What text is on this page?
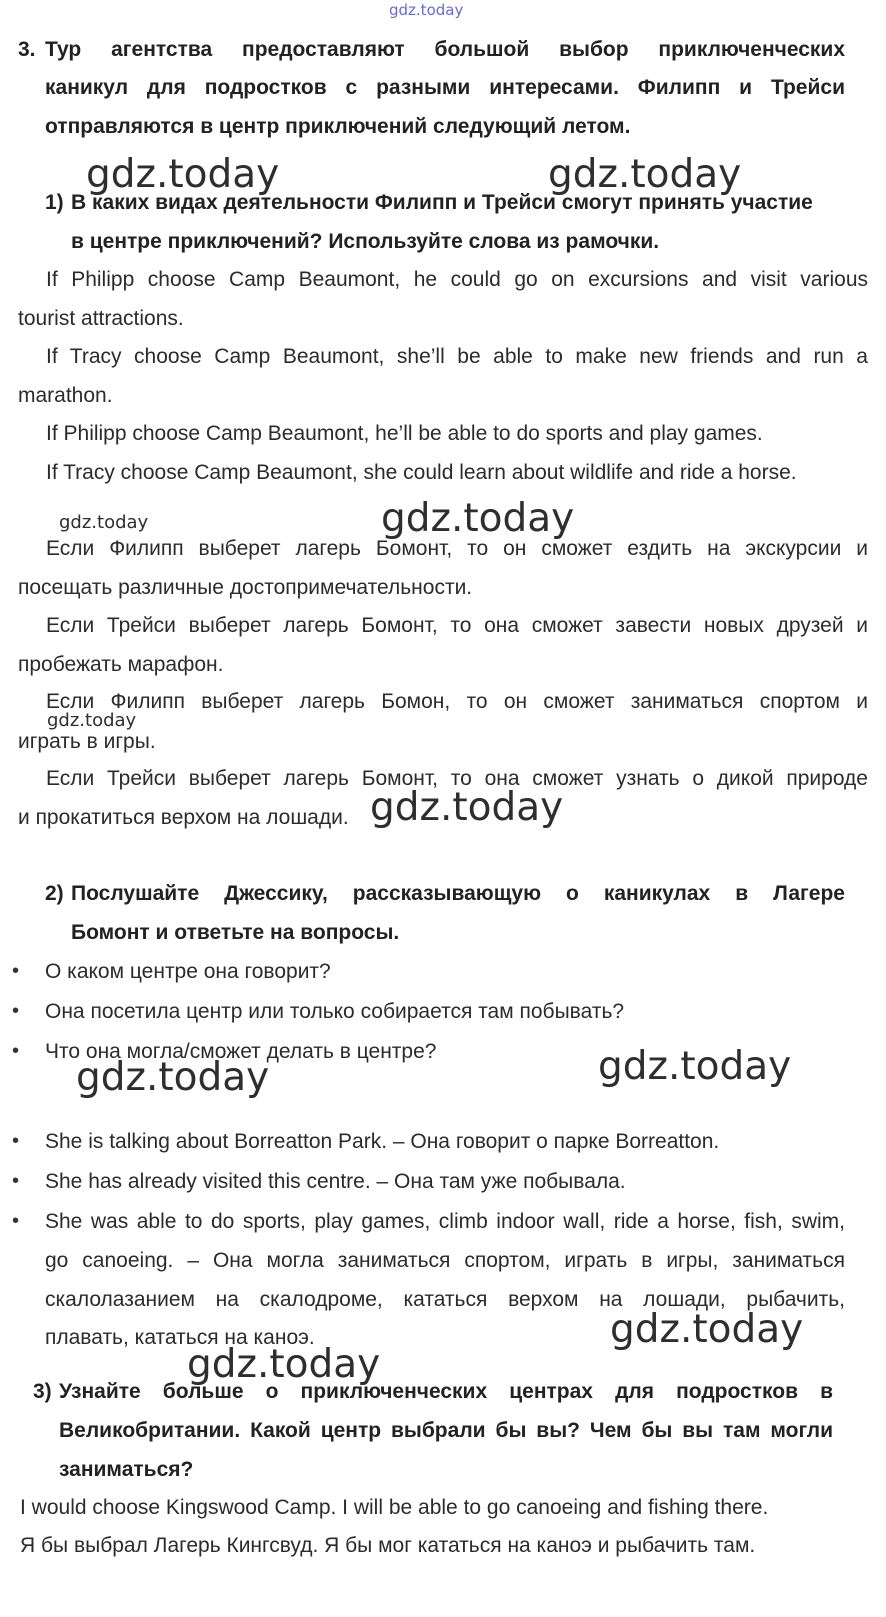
gdz.today
3. Тур агентства предоставляют большой выбор приключенческих
каникул для подростков с разными интересами. Филипп и Трейси
отправляются в центр приключений следующий летом.
gdz.today	gdz.today
1) В каких видах деятельности Филипп и Трейси смогут принять участие
в центре приключений? Используйте слова из рамочки.
If Philipp choose Camp Beaumont, he could go on excursions and visit various
tourist attractions.
If Tracy choose Camp Beaumont, she’ll be able to make new friends and run a
marathon.
If Philipp choose Camp Beaumont, he’ll be able to do sports and play games.
If Tracy choose Camp Beaumont, she could learn about wildlife and ride a horse.
gdz.today	gdz.today
Если Филипп выберет лагерь Бомонт, то он сможет ездить на экскурсии и
посещать различные достопримечательности.
Если Трейси выберет лагерь Бомонт, то она сможет завести новых друзей и
пробежать марафон.
Если Филипп выберет лагерь Бомон, то он сможет заниматься спортом и
gdz.today
играть в игры.
Если Трейси выберет лагерь Бомонт, то она сможет узнать о дикой природе
и прокатиться верхом на лошади. gdz.today
2) Послушайте Джессику, рассказывающую о каникулах в Лагере
Бомонт и ответьте на вопросы.
• О каком центре она говорит?
• Она посетила центр или только собирается там побывать?
• Что она могла/сможет делать в центре?
gdz.today	gdz.today
• She is talking about Borreatton Park. – Она говорит о парке Borreatton.
• She has already visited this centre. – Она там уже побывала.
• She was able to do sports, play games, climb indoor wall, ride a horse, fish, swim,
go canoeing. – Она могла заниматься спортом, играть в игры, заниматься
скалолазанием на скалодроме, кататься верхом на лошади, рыбачить,
плавать, кататься на каноэ.	gdz.today
gdz.today
3) Узнайте больше о приключенческих центрах для подростков в
Великобритании. Какой центр выбрали бы вы? Чем бы вы там могли
заниматься?
I would choose Kingswood Camp. I will be able to go canoeing and fishing there.
Я бы выбрал Лагерь Кингсвуд. Я бы мог кататься на каноэ и рыбачить там.
